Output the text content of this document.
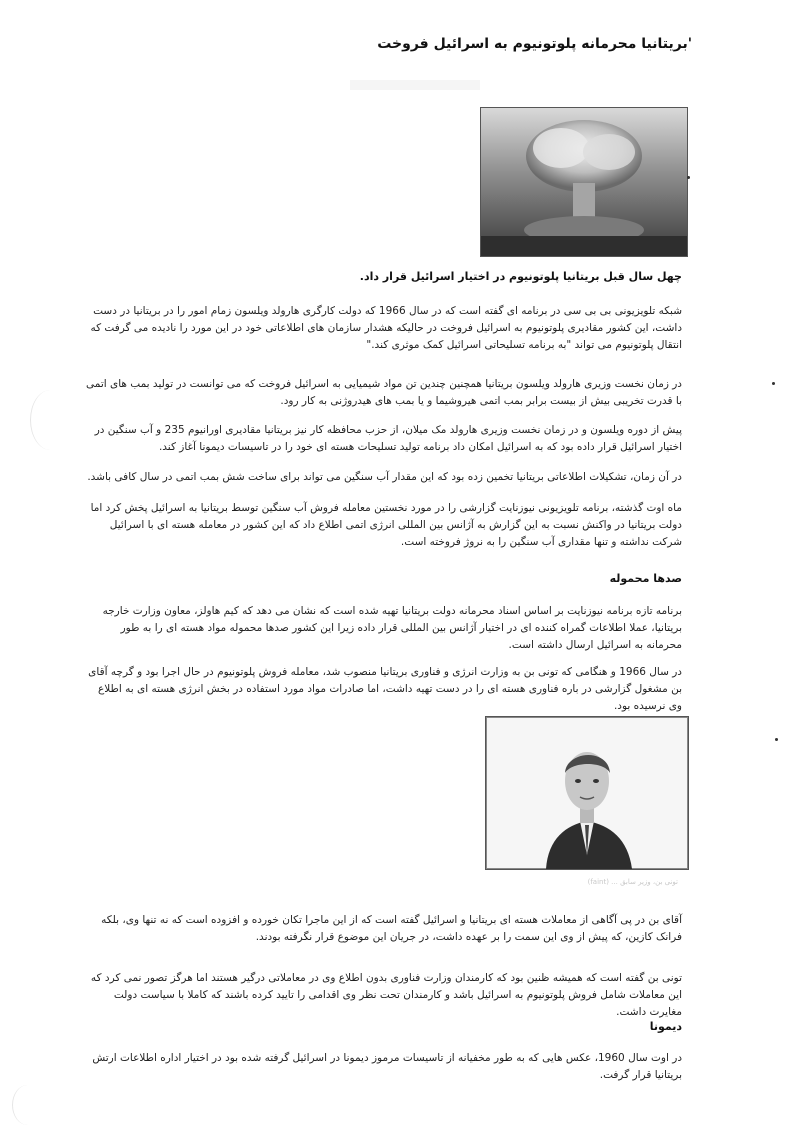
'بریتانیا محرمانه پلوتونیوم به اسرائیل فروخت
چهل سال قبل بریتانیا پلوتونیوم در اختیار اسرائیل قرار داد.
شبکه تلویزیونی بی بی سی در برنامه ای گفته است که در سال 1966 که دولت کارگری هارولد ویلسون زمام امور را در بریتانیا در دست داشت، این کشور مقادیری پلوتونیوم به اسرائیل فروخت در حالیکه هشدار سازمان های اطلاعاتی خود در این مورد را نادیده می گرفت که انتقال پلوتونیوم می تواند "به برنامه تسلیحاتی اسرائیل کمک موثری کند."
در زمان نخست وزیری هارولد ویلسون بریتانیا همچنین چندین تن مواد شیمیایی به اسرائیل فروخت که می توانست در تولید بمب های اتمی با قدرت تخریبی بیش از بیست برابر بمب اتمی هیروشیما و یا بمب های هیدروژنی به کار رود.
پیش از دوره ویلسون و در زمان نخست وزیری هارولد مک میلان، از حزب محافظه کار نیز بریتانیا مقادیری اورانیوم 235 و آب سنگین در اختیار اسرائیل قرار داده بود که به اسرائیل امکان داد برنامه تولید تسلیحات هسته ای خود را در تاسیسات دیمونا آغاز کند.
در آن زمان، تشکیلات اطلاعاتی بریتانیا تخمین زده بود که این مقدار آب سنگین می تواند برای ساخت شش بمب اتمی در سال کافی باشد.
ماه اوت گذشته، برنامه تلویزیونی نیوزنایت گزارشی را در مورد نخستین معامله فروش آب سنگین توسط بریتانیا به اسرائیل پخش کرد اما دولت بریتانیا در واکنش نسبت به این گزارش به آژانس بین المللی انرژی اتمی اطلاع داد که این کشور در معامله هسته ای با اسرائیل شرکت نداشته و تنها مقداری آب سنگین را به نروژ فروخته است.
صدها محموله
برنامه تازه برنامه نیوزنایت بر اساس اسناد محرمانه دولت بریتانیا تهیه شده است که نشان می دهد که کیم هاولز، معاون وزارت خارجه بریتانیا، عملا اطلاعات گمراه کننده ای در اختیار آژانس بین المللی قرار داده زیرا این کشور صدها محموله مواد هسته ای را به طور محرمانه به اسرائیل ارسال داشته است.
در سال 1966 و هنگامی که تونی بن به وزارت انرژی و فناوری بریتانیا منصوب شد، معامله فروش پلوتونیوم در حال اجرا بود و گرچه آقای بن مشغول گزارشی در باره فناوری هسته ای را در دست تهیه داشت، اما صادرات مواد مورد استفاده در بخش انرژی هسته ای به اطلاع وی نرسیده بود.
تونی بن، وزیر سابق ... (faint)
آقای بن در پی آگاهی از معاملات هسته ای بریتانیا و اسرائیل گفته است که از این ماجرا تکان خورده و افزوده است که نه تنها وی، بلکه فرانک کازین، که پیش از وی این سمت را بر عهده داشت، در جریان این موضوع قرار نگرفته بودند.
تونی بن گفته است که همیشه ظنین بود که کارمندان وزارت فناوری بدون اطلاع وی در معاملاتی درگیر هستند اما هرگز تصور نمی کرد که این معاملات شامل فروش پلوتونیوم به اسرائیل باشد و کارمندان تحت نظر وی اقدامی را تایید کرده باشند که کاملا با سیاست دولت مغایرت داشت.
دیمونا
در اوت سال 1960، عکس هایی که به طور مخفیانه از تاسیسات مرموز دیمونا در اسرائیل گرفته شده بود در اختیار اداره اطلاعات ارتش بریتانیا قرار گرفت.
